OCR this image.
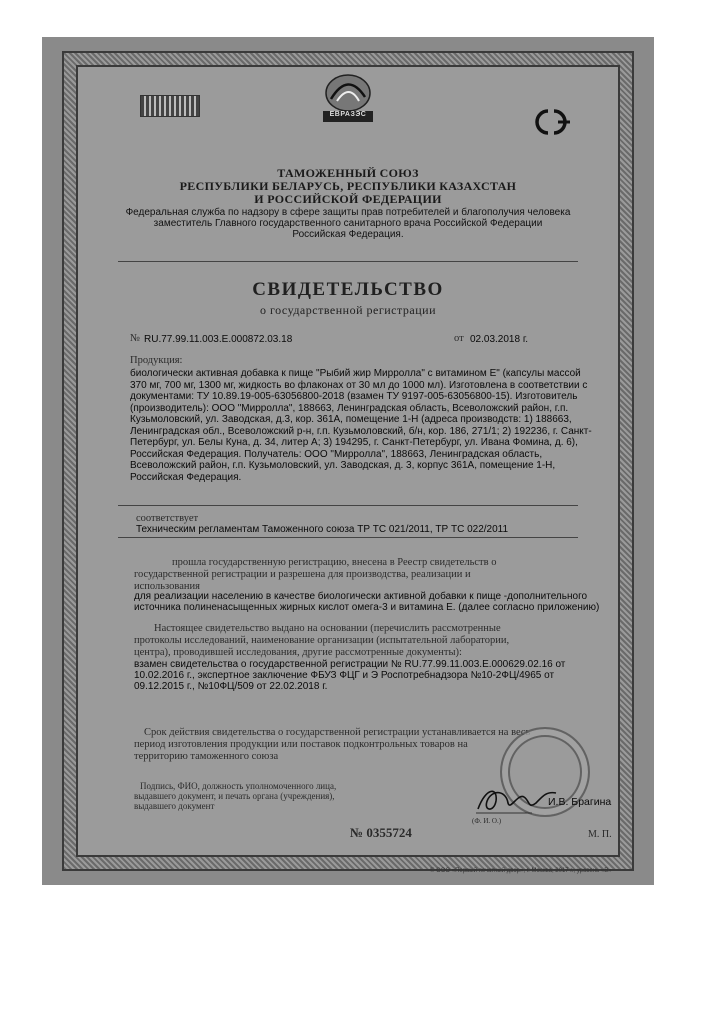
ЕВРАЗЭС
ТАМОЖЕННЫЙ СОЮЗ
РЕСПУБЛИКИ БЕЛАРУСЬ, РЕСПУБЛИКИ КАЗАХСТАН
И РОССИЙСКОЙ ФЕДЕРАЦИИ
Федеральная служба по надзору в сфере защиты прав потребителей и благополучия человека
заместитель Главного государственного санитарного врача Российской Федерации
Российская Федерация.
СВИДЕТЕЛЬСТВО
о государственной регистрации
№ RU.77.99.11.003.E.000872.03.18	от 02.03.2018 г.
Продукция:
биологически активная добавка к пище "Рыбий жир Мирролла" с витамином Е" (капсулы массой
370 мг, 700 мг, 1300 мг, жидкость во флаконах от 30 мл до 1000 мл). Изготовлена в соответствии с
документами: ТУ 10.89.19-005-63056800-2018 (взамен ТУ 9197-005-63056800-15). Изготовитель
(производитель): ООО "Мирролла", 188663, Ленинградская область, Всеволожский район, г.п.
Кузьмоловский, ул. Заводская, д.3, кор. 361А, помещение 1-Н (адреса производств: 1) 188663,
Ленинградская обл., Всеволожский р-н, г.п. Кузьмоловский, б/н, кор. 186, 271/1; 2) 192236, г. Санкт-
Петербург, ул. Белы Куна, д. 34, литер А; 3) 194295, г. Санкт-Петербург, ул. Ивана Фомина, д. 6),
Российская Федерация. Получатель: ООО "Мирролла", 188663, Ленинградская область,
Всеволожский район, г.п. Кузьмоловский, ул. Заводская, д. 3, корпус 361А, помещение 1-Н,
Российская Федерация.
соответствует
Техническим регламентам Таможенного союза ТР ТС 021/2011, ТР ТС 022/2011
прошла государственную регистрацию, внесена в Реестр свидетельств о
государственной регистрации и разрешена для производства, реализации и
использования
для реализации населению в качестве биологически активной добавки к пище -дополнительного
источника полиненасыщенных жирных кислот омега-3 и витамина Е. (далее согласно приложению)
Настоящее свидетельство выдано на основании (перечислить рассмотренные
протоколы исследований, наименование организации (испытательной лаборатории,
центра), проводившей исследования, другие рассмотренные документы):
взамен свидетельства о государственной регистрации № RU.77.99.11.003.E.000629.02.16 от
10.02.2016 г., экспертное заключение ФБУЗ ФЦГ и Э Роспотребнадзора №10-2ФЦ/4965 от
09.12.2015 г., №10ФЦ/509 от 22.02.2018 г.
Срок действия свидетельства о государственной регистрации устанавливается на весь
период изготовления продукции или поставок подконтрольных товаров на
территорию таможенного союза
Подпись, ФИО, должность уполномоченного лица,
выдавшего документ, и печать органа (учреждения),
выдавшего документ	И.В. Брагина
(Ф. И. О.)
№ 0355724	М. П.
© ООО «Первый печатный двор», г. Москва, 2017 г., уровень «В»
